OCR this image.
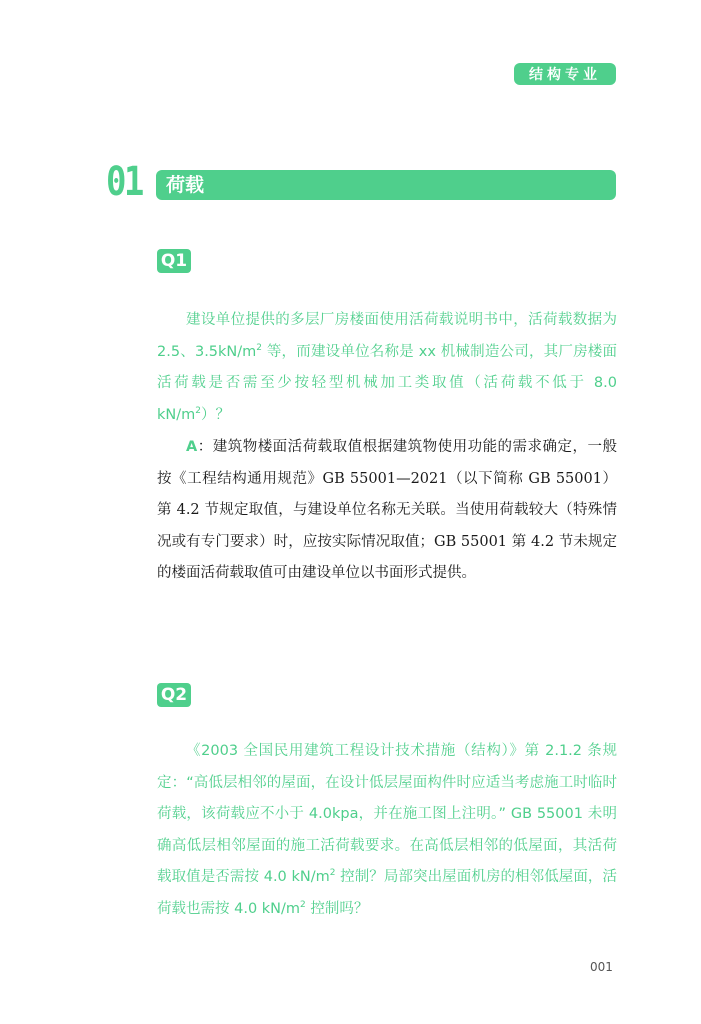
结构专业
01 荷载
Q1

建设单位提供的多层厂房楼面使用活荷载说明书中，活荷载数据为 2.5、$3.5kN/m^2$ 等，而建设单位名称是 xx 机械制造公司，其厂房楼面活荷载是否需至少按轻型机械加工类取值（活荷载不低于 8.0 $kN/m^2$）？

A：建筑物楼面活荷载取值根据建筑物使用功能的需求确定，一般按《工程结构通用规范》GB 55001—2021（以下简称 GB 55001）第 4.2 节规定取值，与建设单位名称无关联。当使用荷载较大（特殊情况或有专门要求）时，应按实际情况取值；GB 55001 第 4.2 节未规定的楼面活荷载取值可由建设单位以书面形式提供。

Q2

《2003 全国民用建筑工程设计技术措施（结构）》第 2.1.2 条规定：“高低层相邻的屋面，在设计低层屋面构件时应适当考虑施工时临时荷载，该荷载应不小于 4.0kpa，并在施工图上注明。” GB 55001 未明确高低层相邻屋面的施工活荷载要求。在高低层相邻的低屋面，其活荷载取值是否需按 4.0 $kN/m^2$ 控制？局部突出屋面机房的相邻低屋面，活荷载也需按 4.0 $kN/m^2$ 控制吗？

001
